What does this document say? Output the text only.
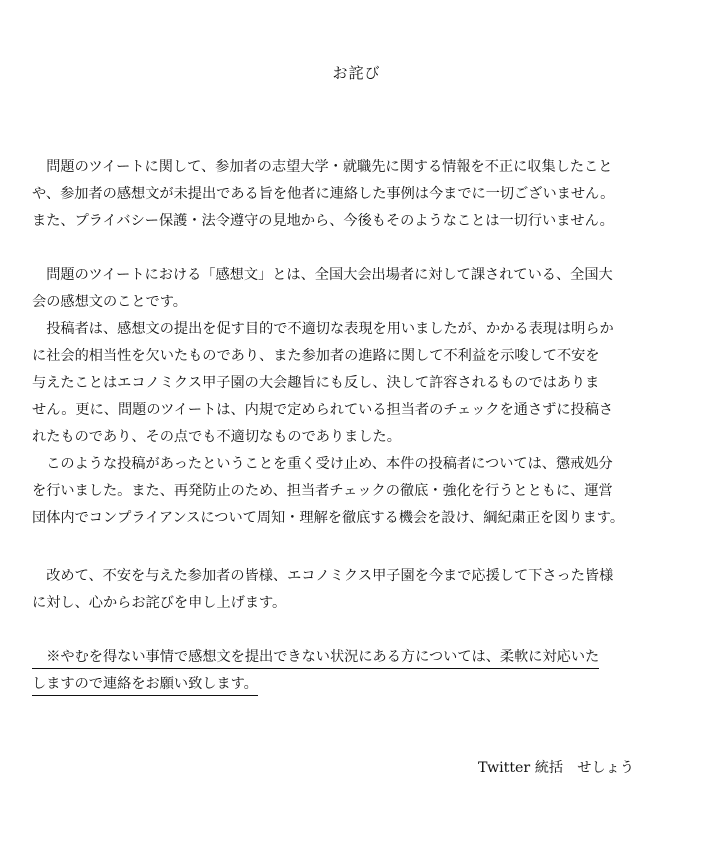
お詫び
　問題のツイートに関して、参加者の志望大学・就職先に関する情報を不正に収集したこと
や、参加者の感想文が未提出である旨を他者に連絡した事例は今までに一切ございません。
また、プライバシー保護・法令遵守の見地から、今後もそのようなことは一切行いません。
　問題のツイートにおける「感想文」とは、全国大会出場者に対して課されている、全国大
会の感想文のことです。
　投稿者は、感想文の提出を促す目的で不適切な表現を用いましたが、かかる表現は明らか
に社会的相当性を欠いたものであり、また参加者の進路に関して不利益を示唆して不安を
与えたことはエコノミクス甲子園の大会趣旨にも反し、決して許容されるものではありま
せん。更に、問題のツイートは、内規で定められている担当者のチェックを通さずに投稿さ
れたものであり、その点でも不適切なものでありました。
　このような投稿があったということを重く受け止め、本件の投稿者については、懲戒処分
を行いました。また、再発防止のため、担当者チェックの徹底・強化を行うとともに、運営
団体内でコンプライアンスについて周知・理解を徹底する機会を設け、綱紀粛正を図ります。
　改めて、不安を与えた参加者の皆様、エコノミクス甲子園を今まで応援して下さった皆様
に対し、心からお詫びを申し上げます。
　※やむを得ない事情で感想文を提出できない状況にある方については、柔軟に対応いた
しますので連絡をお願い致します。
Twitter 統括　せしょう
